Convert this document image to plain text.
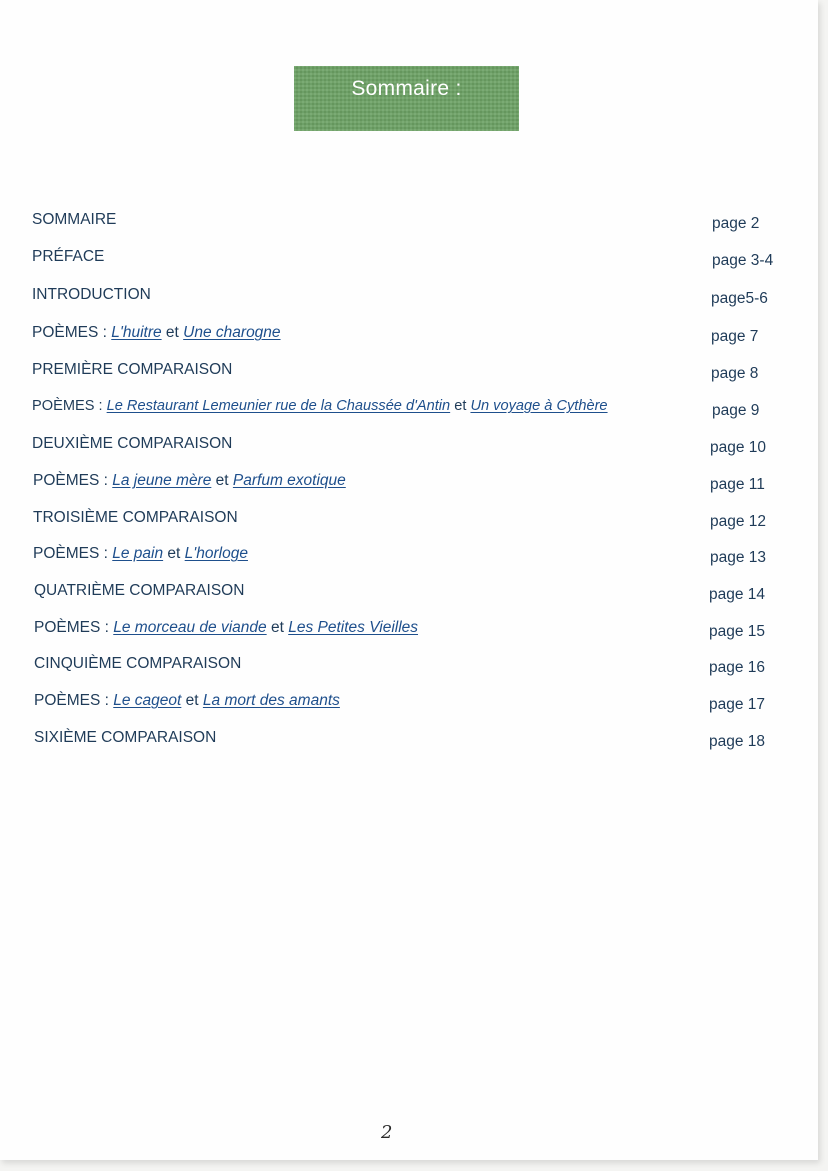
Sommaire :
SOMMAIRE	page 2
PRÉFACE	page 3-4
INTRODUCTION	page5-6
POÈMES : L'huitre et Une charogne	page 7
PREMIÈRE COMPARAISON	page 8
POÈMES : Le Restaurant Lemeunier rue de la Chaussée d'Antin et Un voyage à Cythère	page 9
DEUXIÈME COMPARAISON	page 10
POÈMES : La jeune mère et Parfum exotique	page 11
TROISIÈME COMPARAISON	page 12
POÈMES : Le pain et L'horloge	page 13
QUATRIÈME COMPARAISON	page 14
POÈMES : Le morceau de viande et Les Petites Vieilles	page 15
CINQUIÈME COMPARAISON	page 16
POÈMES : Le cageot et La mort des amants	page 17
SIXIÈME COMPARAISON	page 18
2
